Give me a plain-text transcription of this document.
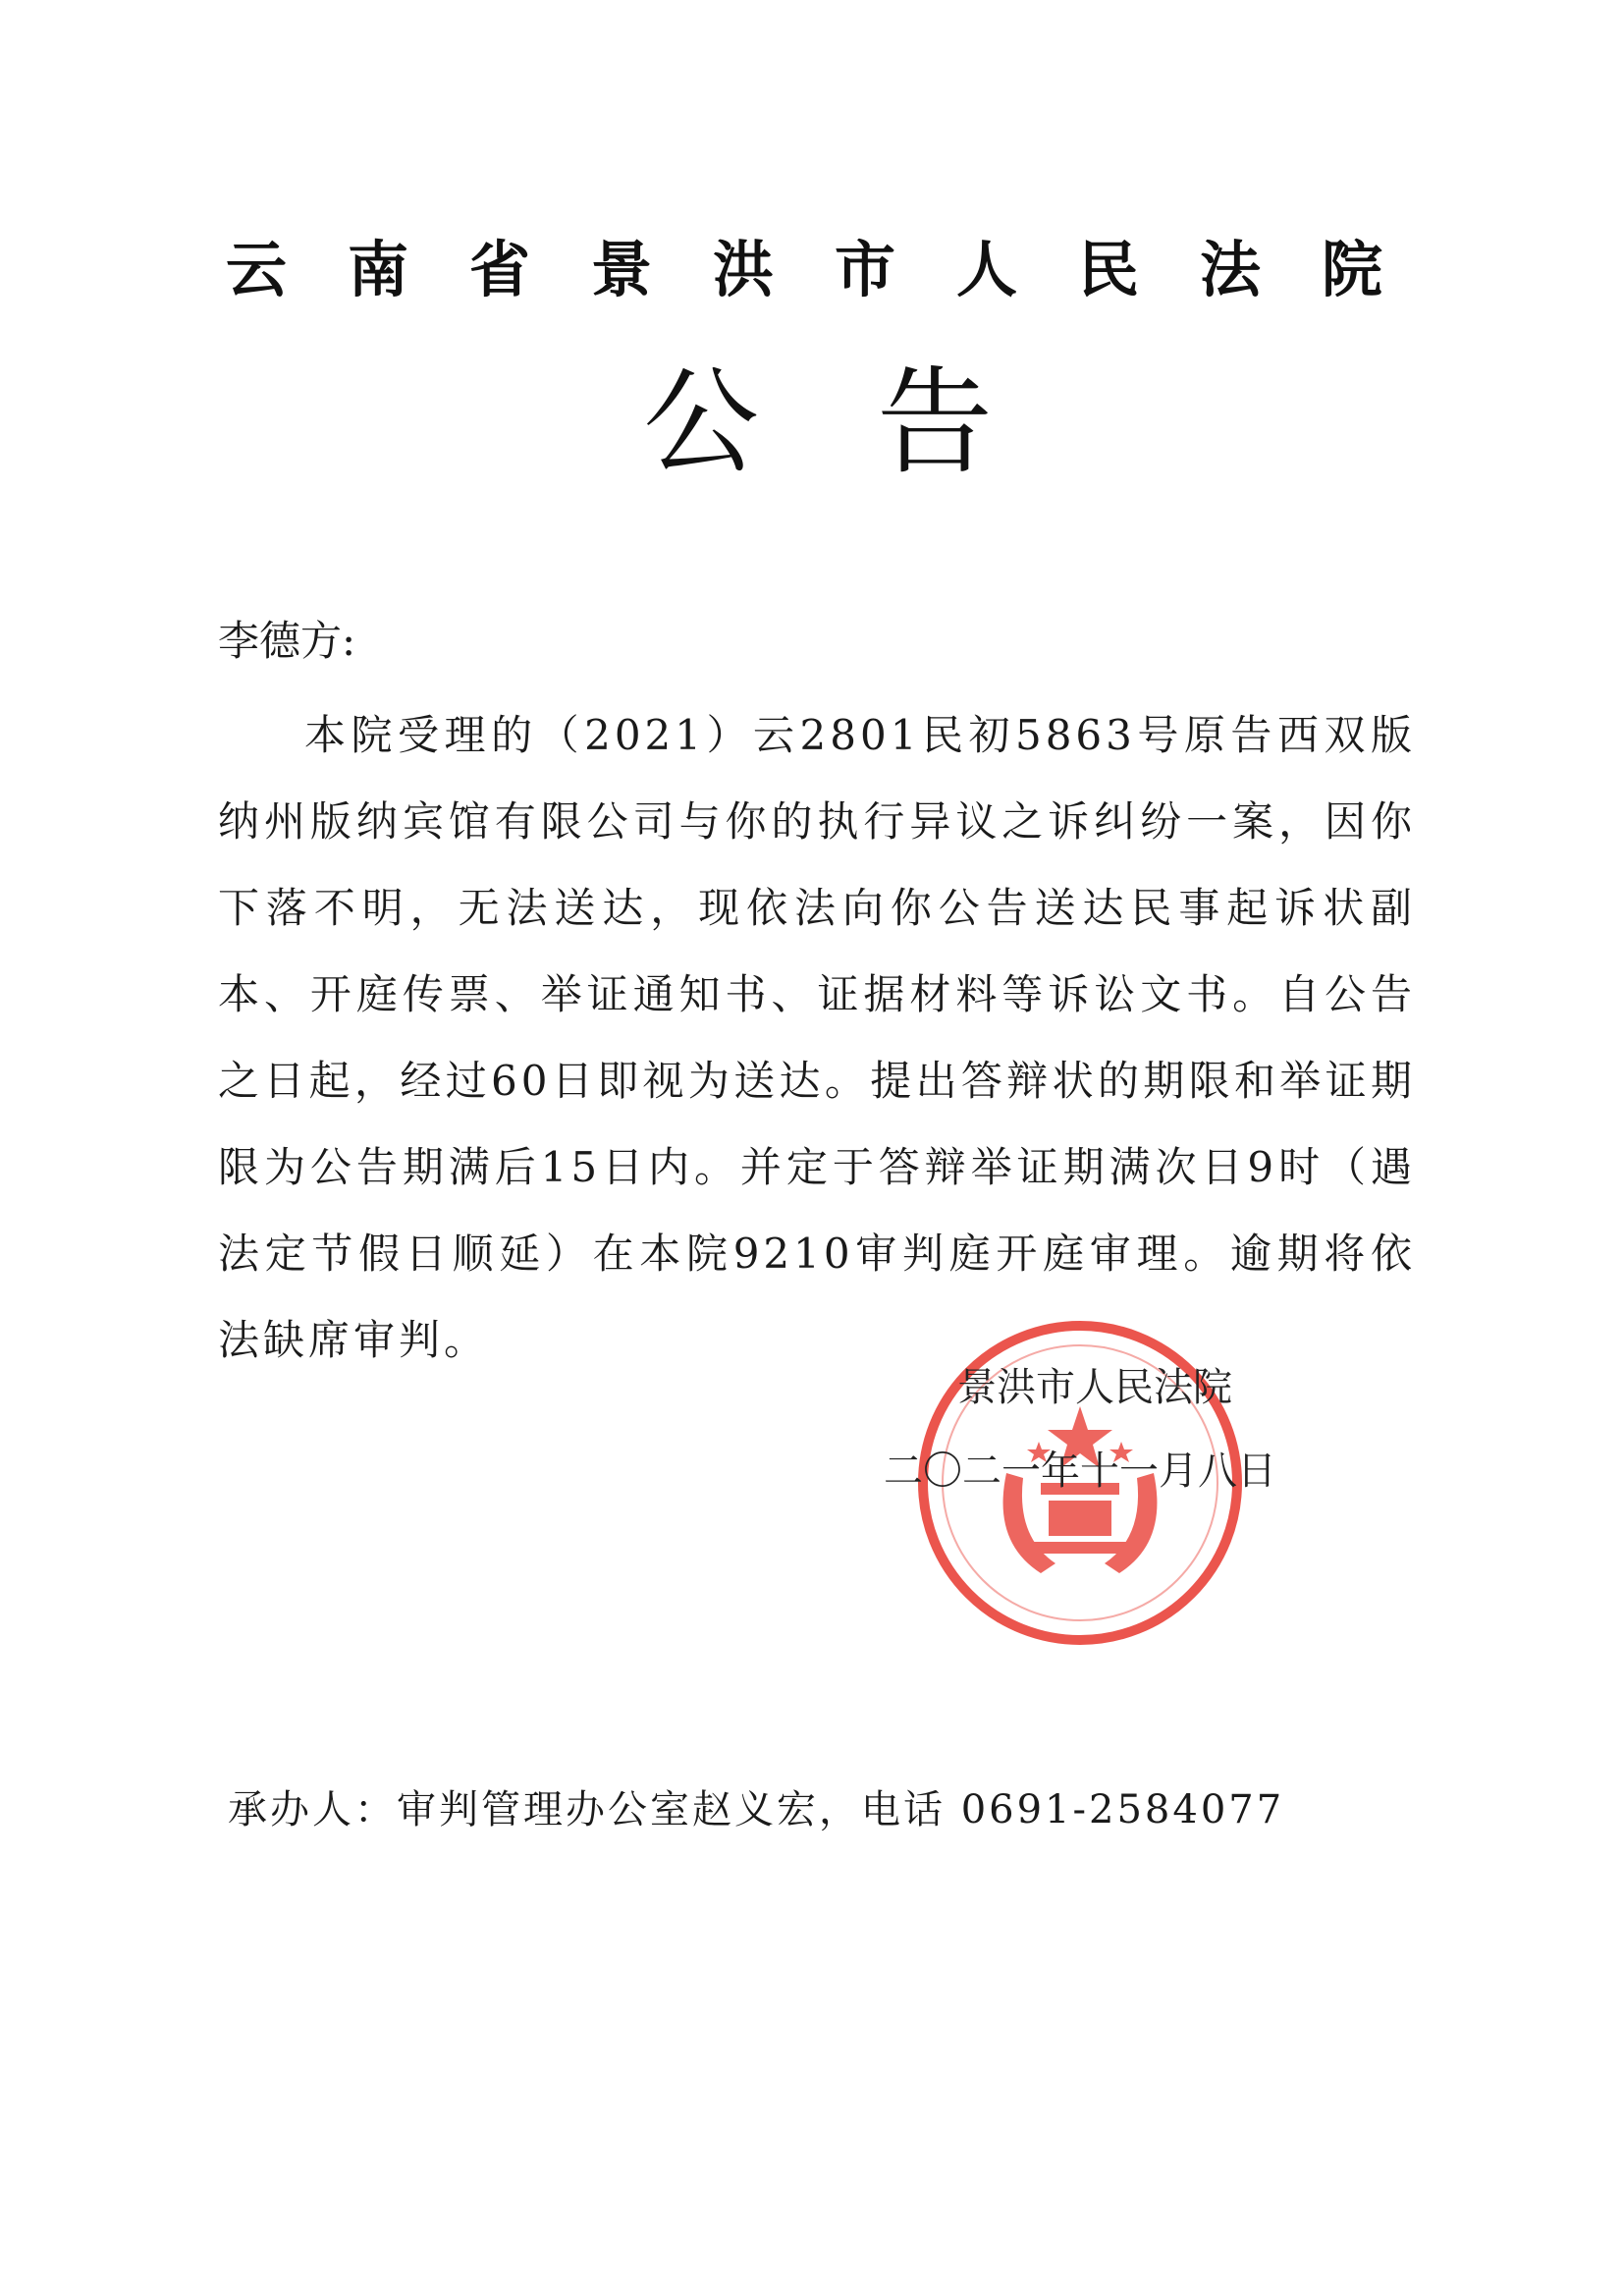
云南省景洪市人民法院
公告
李德方:
本院受理的（2021）云2801民初5863号原告西双版纳州版纳宾馆有限公司与你的执行异议之诉纠纷一案，因你下落不明，无法送达，现依法向你公告送达民事起诉状副本、开庭传票、举证通知书、证据材料等诉讼文书。自公告之日起，经过60日即视为送达。提出答辩状的期限和举证期限为公告期满后15日内。并定于答辩举证期满次日9时（遇法定节假日顺延）在本院9210审判庭开庭审理。逾期将依法缺席审判。
景洪市人民法院
二〇二一年十一月八日
承办人：审判管理办公室赵义宏，电话 0691-2584077
